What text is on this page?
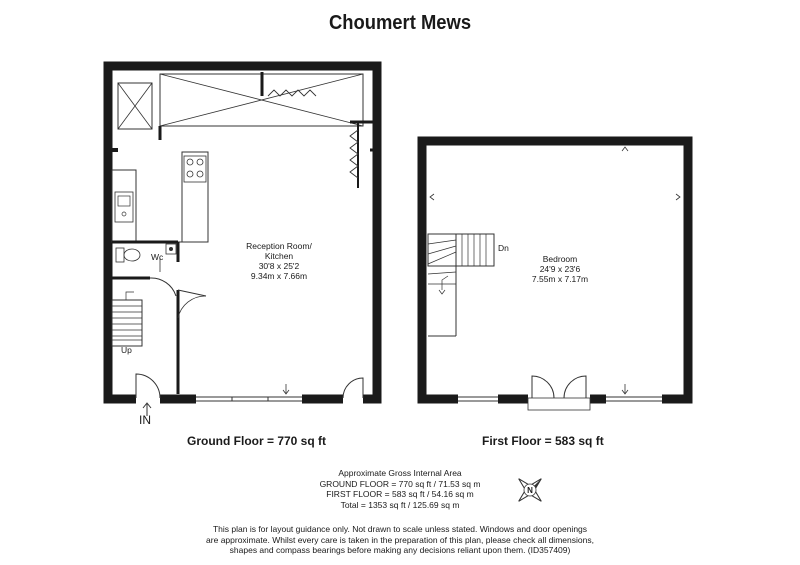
Choumert Mews
Reception Room/
Kitchen
30'8 x 25'2
9.34m x 7.66m
Wc
Up
Bedroom
24'9 x 23'6
7.55m x 7.17m
Dn
IN
Ground Floor = 770 sq ft	First Floor = 583 sq ft
Approximate Gross Internal Area
GROUND FLOOR = 770 sq ft / 71.53 sq m
FIRST FLOOR = 583 sq ft / 54.16 sq m
Total = 1353 sq ft / 125.69 sq m
N
This plan is for layout guidance only. Not drawn to scale unless stated. Windows and door openings
are approximate. Whilst every care is taken in the preparation of this plan, please check all dimensions,
shapes and compass bearings before making any decisions reliant upon them. (ID357409)
